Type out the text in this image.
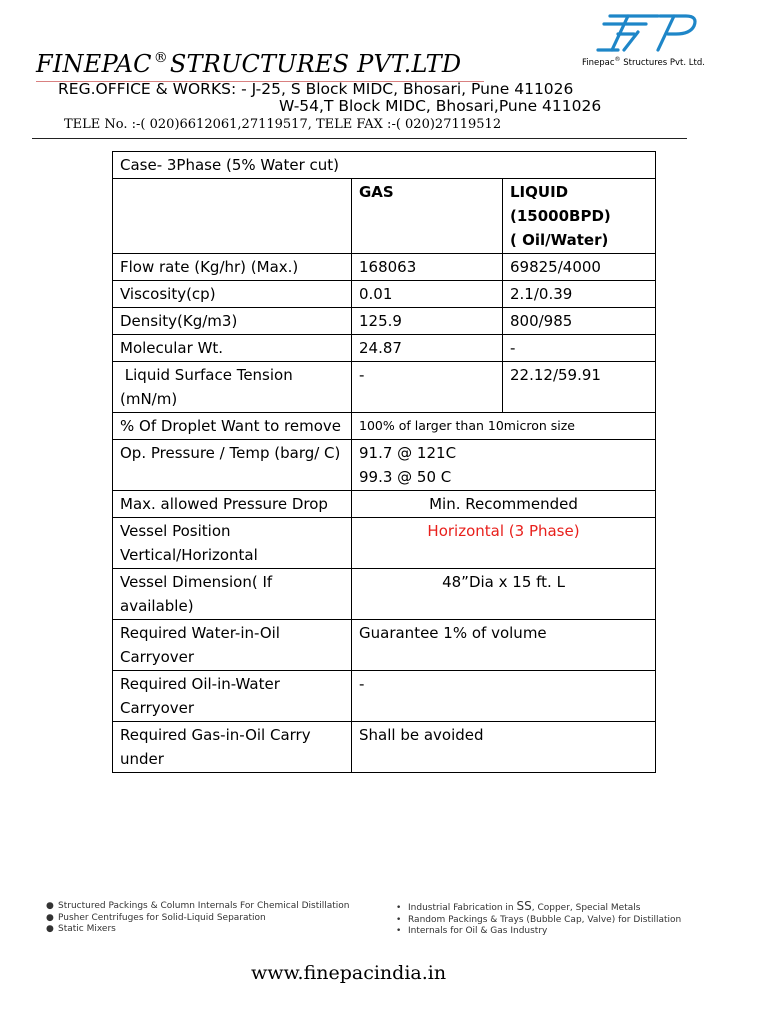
FINEPAC ®STRUCTURES PVT.LTD
REG.OFFICE & WORKS: - J-25, S Block MIDC, Bhosari, Pune 411026
W-54,T Block MIDC, Bhosari,Pune 411026
TELE No. :-( 020)6612061,27119517, TELE FAX :-( 020)27119512
Finepac® Structures Pvt. Ltd.
Case- 3Phase (5% Water cut)		
	GAS	LIQUID
(15000BPD)
( Oil/Water)

Flow rate (Kg/hr) (Max.)	168063	69825/4000
Viscosity(cp)	0.01	2.1/0.39
Density(Kg/m3)	125.9	800/985
Molecular Wt.	24.87	-
Liquid Surface Tension (mN/m)	-	22.12/59.91
% Of Droplet Want to remove	100% of larger than 10micron size	
Op. Pressure / Temp (barg/ C)	91.7 @ 121C
99.3 @ 50 C	

Max. allowed Pressure Drop	Min. Recommended	
Vessel Position Vertical/Horizontal	Horizontal (3 Phase)	
Vessel Dimension( If available)	48”Dia x 15 ft. L	
Required Water-in-Oil Carryover	Guarantee 1% of volume	
Required Oil-in-Water Carryover	-	
Required Gas-in-Oil Carry under	Shall be avoided	
● Structured Packings & Column Internals For Chemical Distillation
● Pusher Centrifuges for Solid-Liquid Separation
● Static Mixers
• Industrial Fabrication in SS, Copper, Special Metals
• Random Packings & Trays (Bubble Cap, Valve) for Distillation
• Internals for Oil & Gas Industry
www.finepacindia.in
